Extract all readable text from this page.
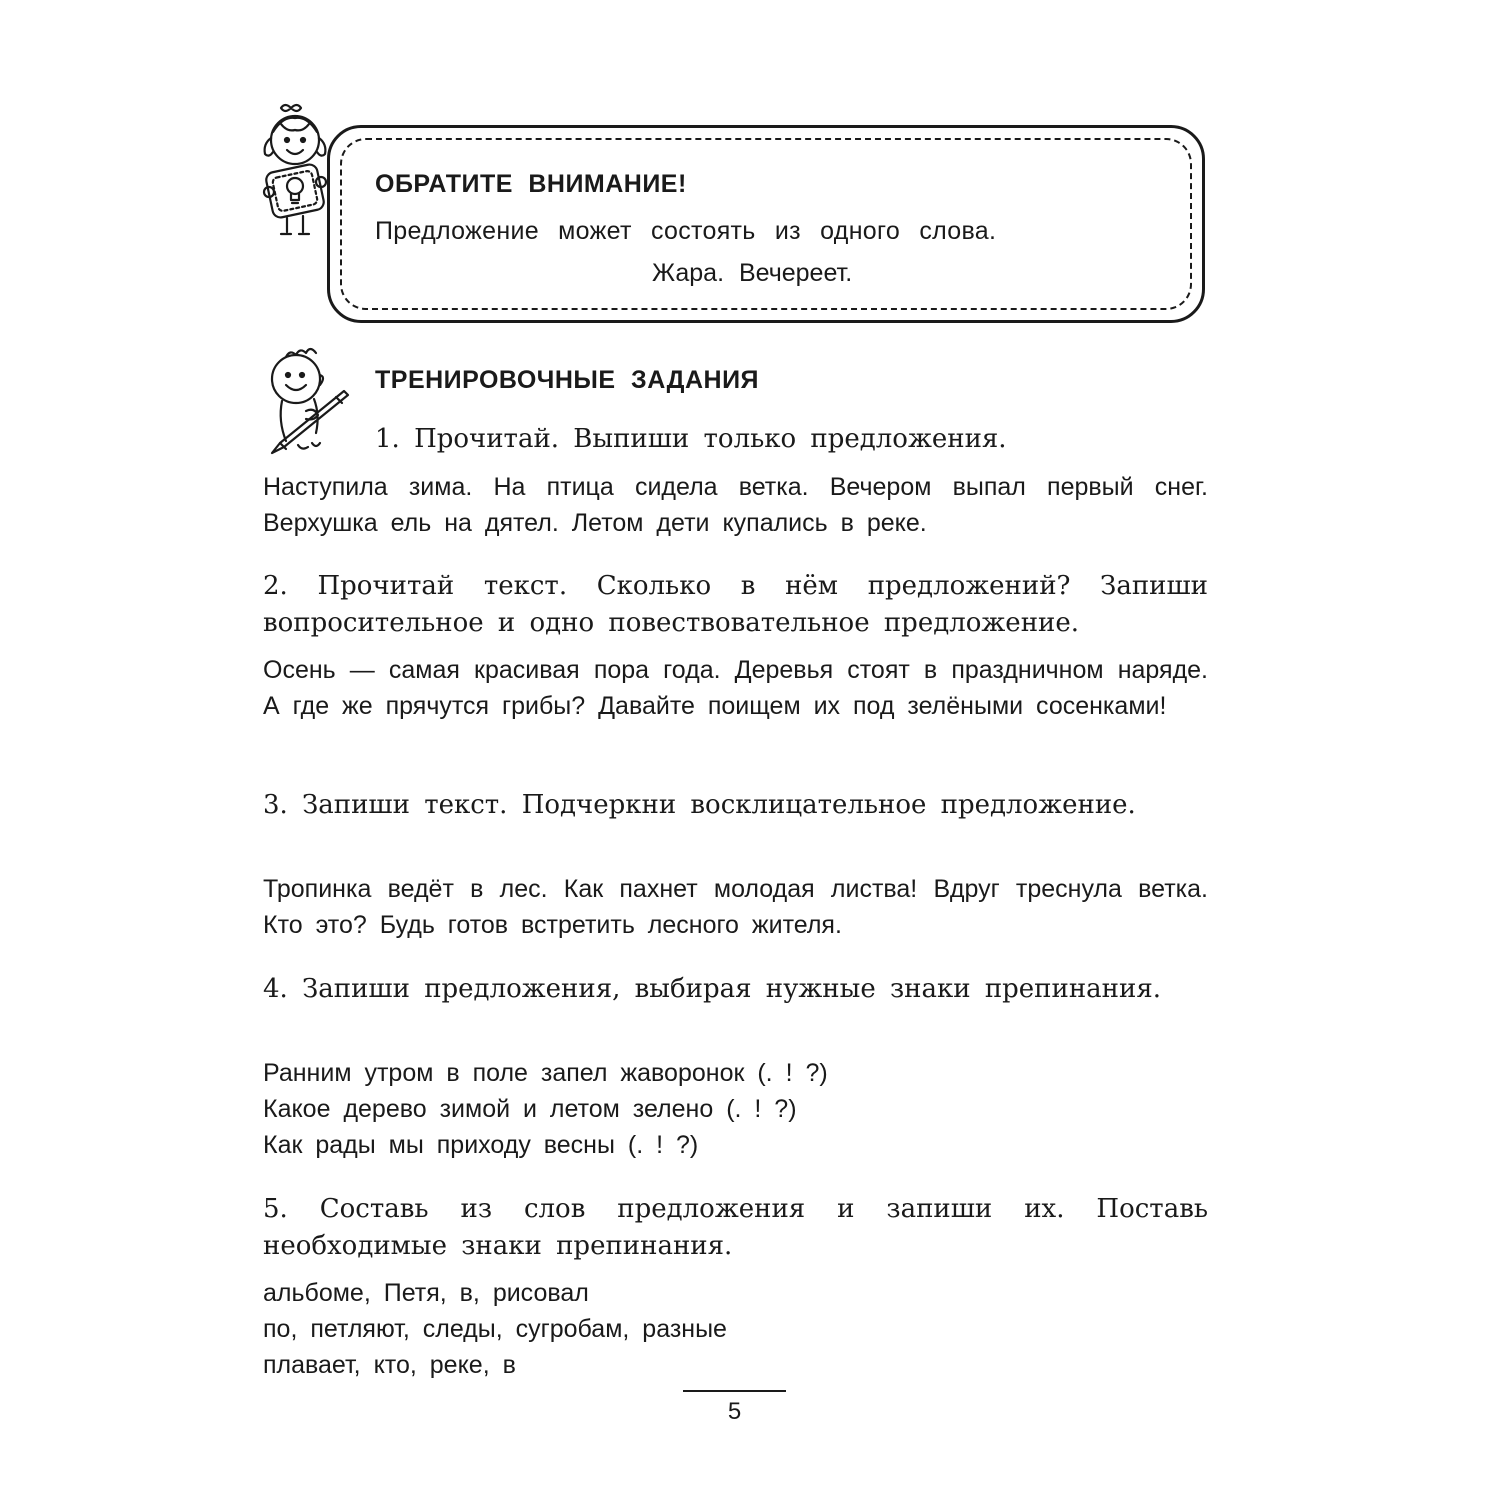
ОБРАТИТЕ ВНИМАНИЕ!
Предложение может состоять из одного слова.
Жара. Вечереет.
ТРЕНИРОВОЧНЫЕ ЗАДАНИЯ
1. Прочитай. Выпиши только предложения.
Наступила зима. На птица сидела ветка. Вечером выпал первый снег. Верхушка ель на дятел. Летом дети купались в реке.
2. Прочитай текст. Сколько в нём предложений? Запиши вопросительное и одно повествовательное предложение.
Осень — самая красивая пора года. Деревья стоят в праздничном наряде. А где же прячутся грибы? Давайте поищем их под зелёными сосенками!
3. Запиши текст. Подчеркни восклицательное предложение.
Тропинка ведёт в лес. Как пахнет молодая листва! Вдруг треснула ветка. Кто это? Будь готов встретить лесного жителя.
4. Запиши предложения, выбирая нужные знаки препинания.
Ранним утром в поле запел жаворонок (. ! ?)
Какое дерево зимой и летом зелено (. ! ?)
Как рады мы приходу весны (. ! ?)
5. Составь из слов предложения и запиши их. Поставь необходимые знаки препинания.
альбоме, Петя, в, рисовал
по, петляют, следы, сугробам, разные
плавает, кто, реке, в
5
